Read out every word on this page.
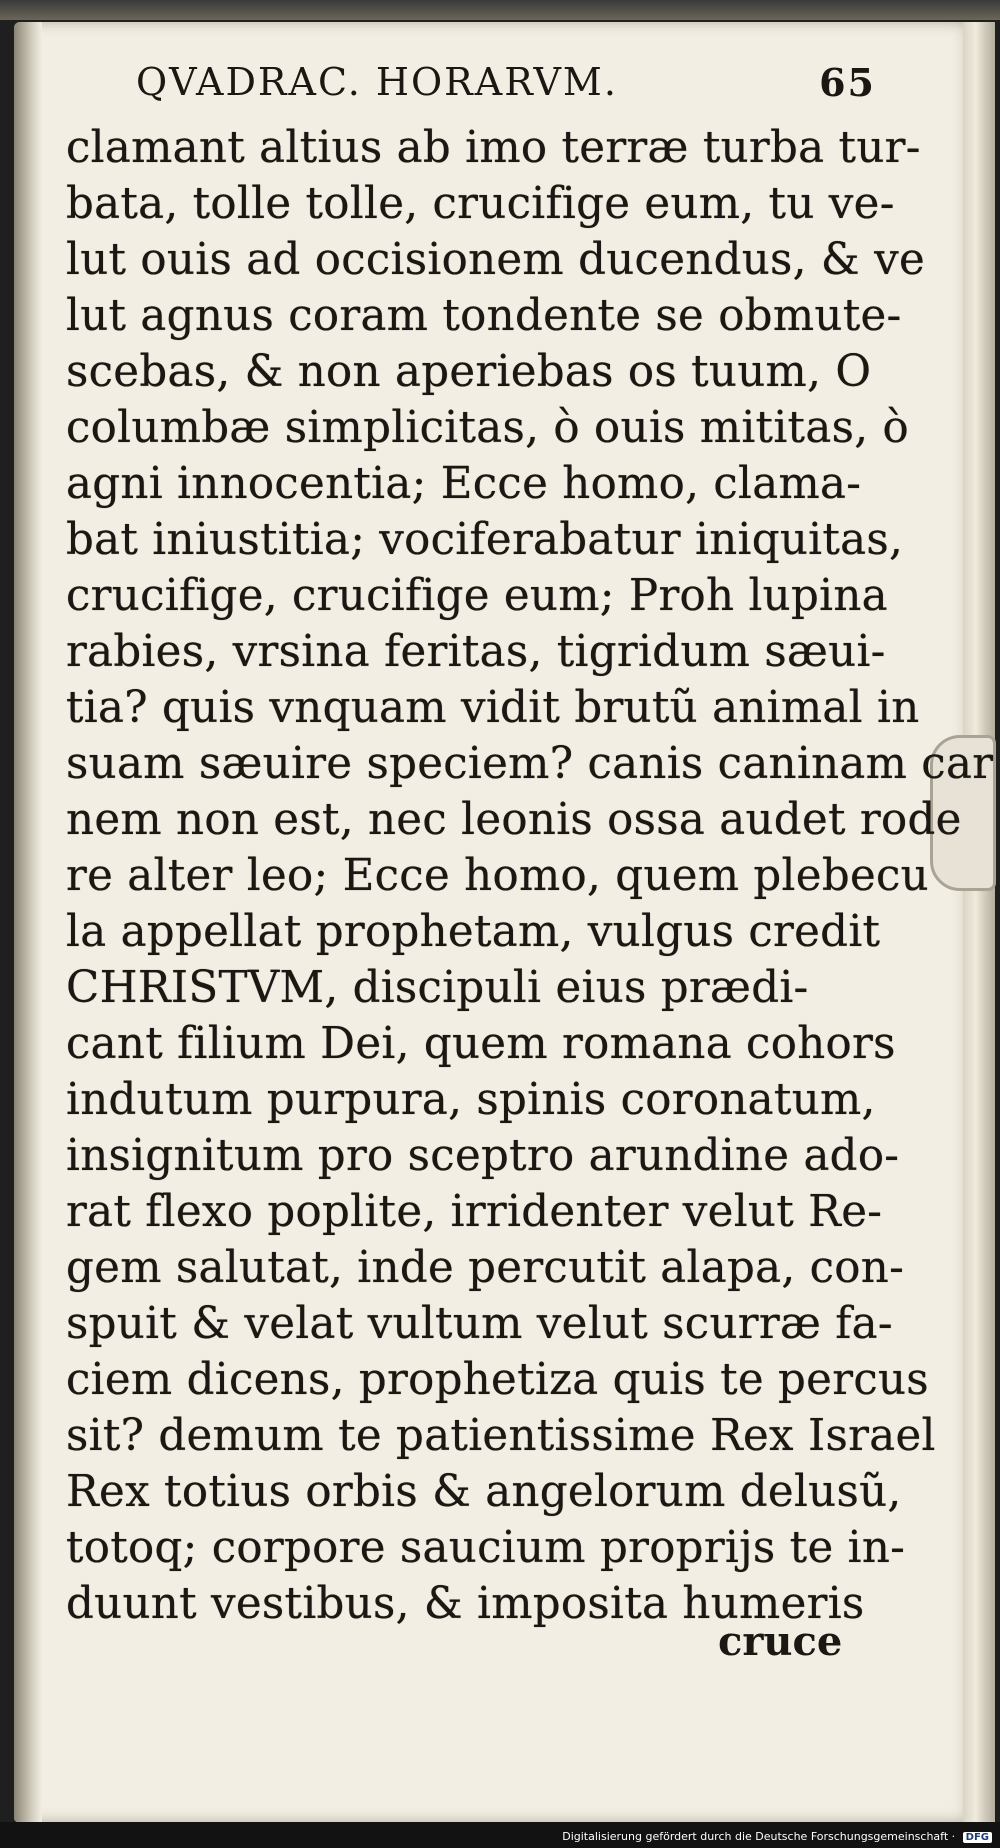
QVADRAC. HORARVM.	65
clamant altius ab imo terræ turba tur-
bata, tolle tolle, crucifige eum, tu ve-
lut ouis ad occisionem ducendus, & ve
lut agnus coram tondente se obmute-
scebas, & non aperiebas os tuum, O
columbæ simplicitas, ò ouis mititas, ò
agni innocentia; Ecce homo, clama-
bat iniustitia; vociferabatur iniquitas,
crucifige, crucifige eum; Proh lupina
rabies, vrsina feritas, tigridum sæui-
tia? quis vnquam vidit brutũ animal in
suam sæuire speciem? canis caninam car
nem non est, nec leonis ossa audet rode
re alter leo; Ecce homo, quem plebecu
la appellat prophetam, vulgus credit
CHRISTVM, discipuli eius prædi-
cant filium Dei, quem romana cohors
indutum purpura, spinis coronatum,
insignitum pro sceptro arundine ado-
rat flexo poplite, irridenter velut Re-
gem salutat, inde percutit alapa, con-
spuit & velat vultum velut scurræ fa-
ciem dicens, prophetiza quis te percus
sit? demum te patientissime Rex Israel
Rex totius orbis & angelorum delusũ,
totoq; corpore saucium proprijs te in-
duunt vestibus, & imposita humeris
cruce
Digitalisierung gefördert durch die Deutsche Forschungsgemeinschaft · DFG
